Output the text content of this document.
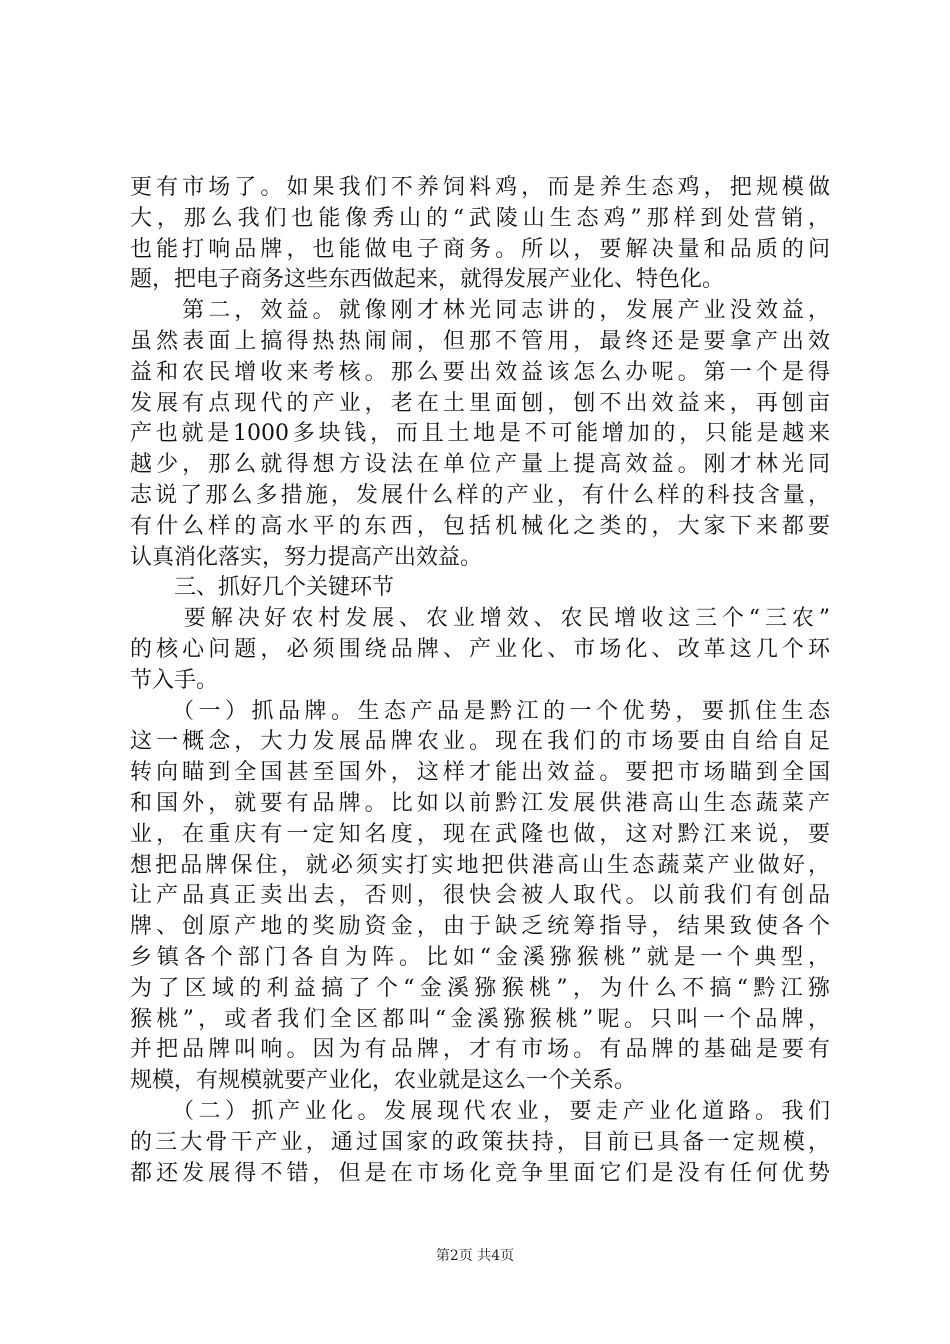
更有市场了。如果我们不养饲料鸡，而是养生态鸡，把规模做
大，那么我们也能像秀山的“武陵山生态鸡”那样到处营销，
也能打响品牌，也能做电子商务。所以，要解决量和品质的问
题，把电子商务这些东西做起来，就得发展产业化、特色化。
　　第二，效益。就像刚才林光同志讲的，发展产业没效益，
虽然表面上搞得热热闹闹，但那不管用，最终还是要拿产出效
益和农民增收来考核。那么要出效益该怎么办呢。第一个是得
发展有点现代的产业，老在土里面刨，刨不出效益来，再刨亩
产也就是1000多块钱，而且土地是不可能增加的，只能是越来
越少，那么就得想方设法在单位产量上提高效益。刚才林光同
志说了那么多措施，发展什么样的产业，有什么样的科技含量，
有什么样的高水平的东西，包括机械化之类的，大家下来都要
认真消化落实，努力提高产出效益。
　　三、抓好几个关键环节
　　要解决好农村发展、农业增效、农民增收这三个“三农”
的核心问题，必须围绕品牌、产业化、市场化、改革这几个环
节入手。
　　（一）抓品牌。生态产品是黔江的一个优势，要抓住生态
这一概念，大力发展品牌农业。现在我们的市场要由自给自足
转向瞄到全国甚至国外，这样才能出效益。要把市场瞄到全国
和国外，就要有品牌。比如以前黔江发展供港高山生态蔬菜产
业，在重庆有一定知名度，现在武隆也做，这对黔江来说，要
想把品牌保住，就必须实打实地把供港高山生态蔬菜产业做好，
让产品真正卖出去，否则，很快会被人取代。以前我们有创品
牌、创原产地的奖励资金，由于缺乏统筹指导，结果致使各个
乡镇各个部门各自为阵。比如“金溪猕猴桃”就是一个典型，
为了区域的利益搞了个“金溪猕猴桃”，为什么不搞“黔江猕
猴桃”，或者我们全区都叫“金溪猕猴桃”呢。只叫一个品牌，
并把品牌叫响。因为有品牌，才有市场。有品牌的基础是要有
规模，有规模就要产业化，农业就是这么一个关系。
　　（二）抓产业化。发展现代农业，要走产业化道路。我们
的三大骨干产业，通过国家的政策扶持，目前已具备一定规模，
都还发展得不错，但是在市场化竞争里面它们是没有任何优势
第2页 共4页
